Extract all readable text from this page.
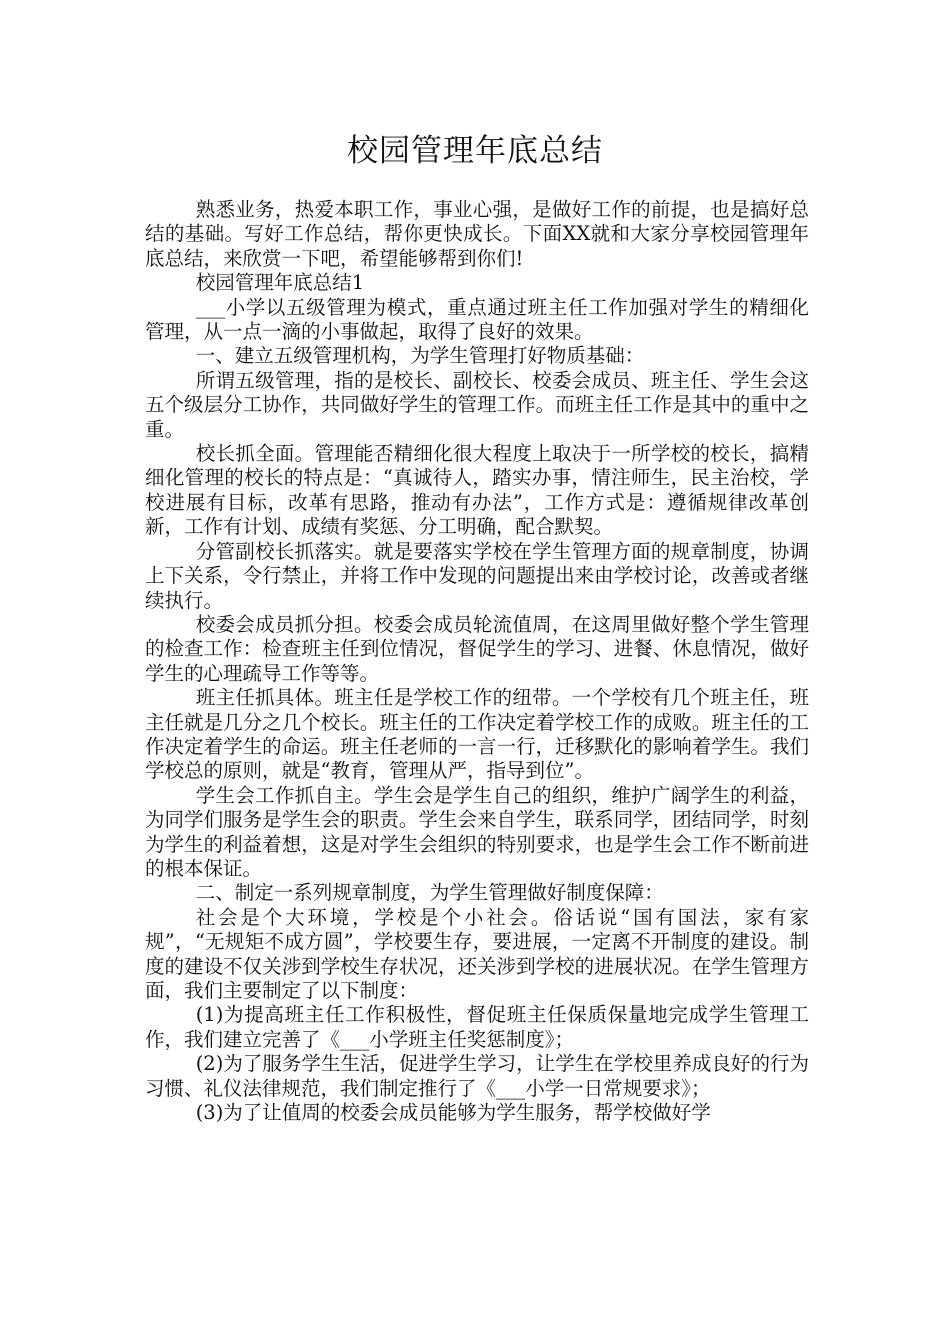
校园管理年底总结

熟悉业务，热爱本职工作，事业心强，是做好工作的前提，也是搞好总结的基础。写好工作总结，帮你更快成长。下面XX就和大家分享校园管理年底总结，来欣赏一下吧，希望能够帮到你们!

校园管理年底总结1

___小学以五级管理为模式，重点通过班主任工作加强对学生的精细化管理，从一点一滴的小事做起，取得了良好的效果。

一、建立五级管理机构，为学生管理打好物质基础：

所谓五级管理，指的是校长、副校长、校委会成员、班主任、学生会这五个级层分工协作，共同做好学生的管理工作。而班主任工作是其中的重中之重。

校长抓全面。管理能否精细化很大程度上取决于一所学校的校长，搞精细化管理的校长的特点是：“真诚待人，踏实办事，情注师生，民主治校，学校进展有目标，改革有思路，推动有办法”，工作方式是：遵循规律改革创新，工作有计划、成绩有奖惩、分工明确，配合默契。

分管副校长抓落实。就是要落实学校在学生管理方面的规章制度，协调上下关系，令行禁止，并将工作中发现的问题提出来由学校讨论，改善或者继续执行。

校委会成员抓分担。校委会成员轮流值周，在这周里做好整个学生管理的检查工作：检查班主任到位情况，督促学生的学习、进餐、休息情况，做好学生的心理疏导工作等等。

班主任抓具体。班主任是学校工作的纽带。一个学校有几个班主任，班主任就是几分之几个校长。班主任的工作决定着学校工作的成败。班主任的工作决定着学生的命运。班主任老师的一言一行，迁移默化的影响着学生。我们学校总的原则，就是“教育，管理从严，指导到位”。

学生会工作抓自主。学生会是学生自己的组织，维护广阔学生的利益，为同学们服务是学生会的职责。学生会来自学生，联系同学，团结同学，时刻为学生的利益着想，这是对学生会组织的特别要求，也是学生会工作不断前进的根本保证。

二、制定一系列规章制度，为学生管理做好制度保障：

社会是个大环境，学校是个小社会。俗话说“国有国法，家有家规”，“无规矩不成方圆”，学校要生存，要进展，一定离不开制度的建设。制度的建设不仅关涉到学校生存状况，还关涉到学校的进展状况。在学生管理方面，我们主要制定了以下制度：

(1)为提高班主任工作积极性，督促班主任保质保量地完成学生管理工作，我们建立完善了《___小学班主任奖惩制度》；

(2)为了服务学生生活，促进学生学习，让学生在学校里养成良好的行为习惯、礼仪法律规范，我们制定推行了《___小学一日常规要求》；

(3)为了让值周的校委会成员能够为学生服务，帮学校做好学
